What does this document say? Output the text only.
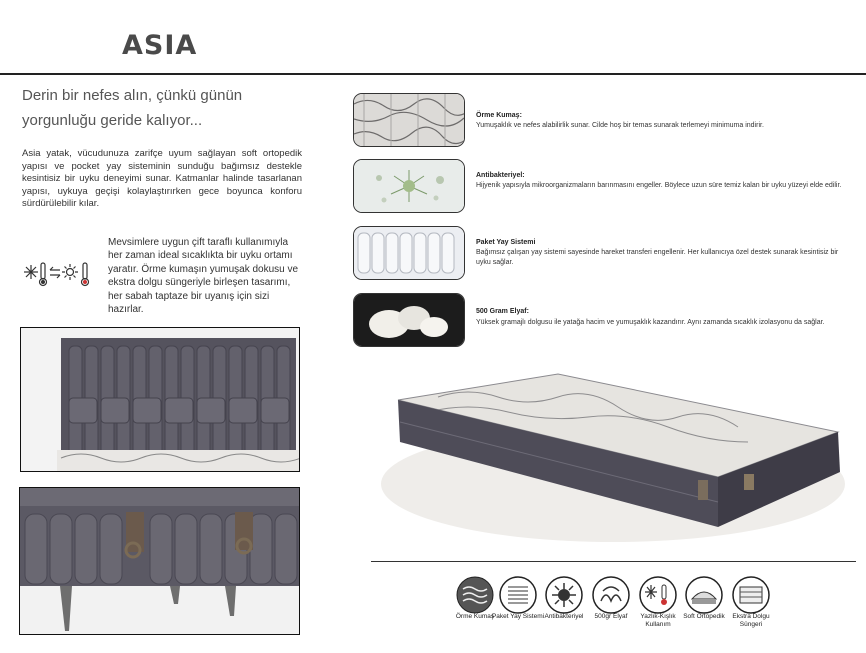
ASIA
Derin bir nefes alın, çünkü günün yorgunluğu geride kalıyor...
Asia yatak, vücudunuza zarifçe uyum sağlayan soft ortopedik yapısı ve pocket yay sisteminin sunduğu bağımsız destekle kesintisiz bir uyku deneyimi sunar. Katmanlar halinde tasarlanan yapısı, uykuya geçişi kolaylaştırırken gece boyunca konforu sürdürülebilir kılar.
Mevsimlere uygun çift taraflı kullanımıyla her zaman ideal sıcaklıkta bir uyku ortamı yaratır. Örme kumaşın yumuşak dokusu ve ekstra dolgu süngeriyle birleşen tasarımı, her sabah taptaze bir uyanış için sizi hazırlar.
Örme Kumaş:
Yumuşaklık ve nefes alabilirlik sunar. Cilde hoş bir temas sunarak terlemeyi minimuma indirir.
Antibakteriyel:
Hijyenik yapısıyla mikroorganizmaların barınmasını engeller. Böylece uzun süre temiz kalan bir uyku yüzeyi elde edilir.
Paket Yay Sistemi
Bağımsız çalışan yay sistemi sayesinde hareket transferi engellenir. Her kullanıcıya özel destek sunarak kesintisiz bir uyku sağlar.
500 Gram Elyaf:
Yüksek gramajlı dolgusu ile yatağa hacim ve yumuşaklık kazandırır. Aynı zamanda sıcaklık izolasyonu da sağlar.
Örme Kumaş
Paket Yay Sistemi Antibakteriyel	500gr Elyaf	Yazlık-Kışlık Kullanım
Soft Ortopedik	Ekstra Dolgu Süngeri
